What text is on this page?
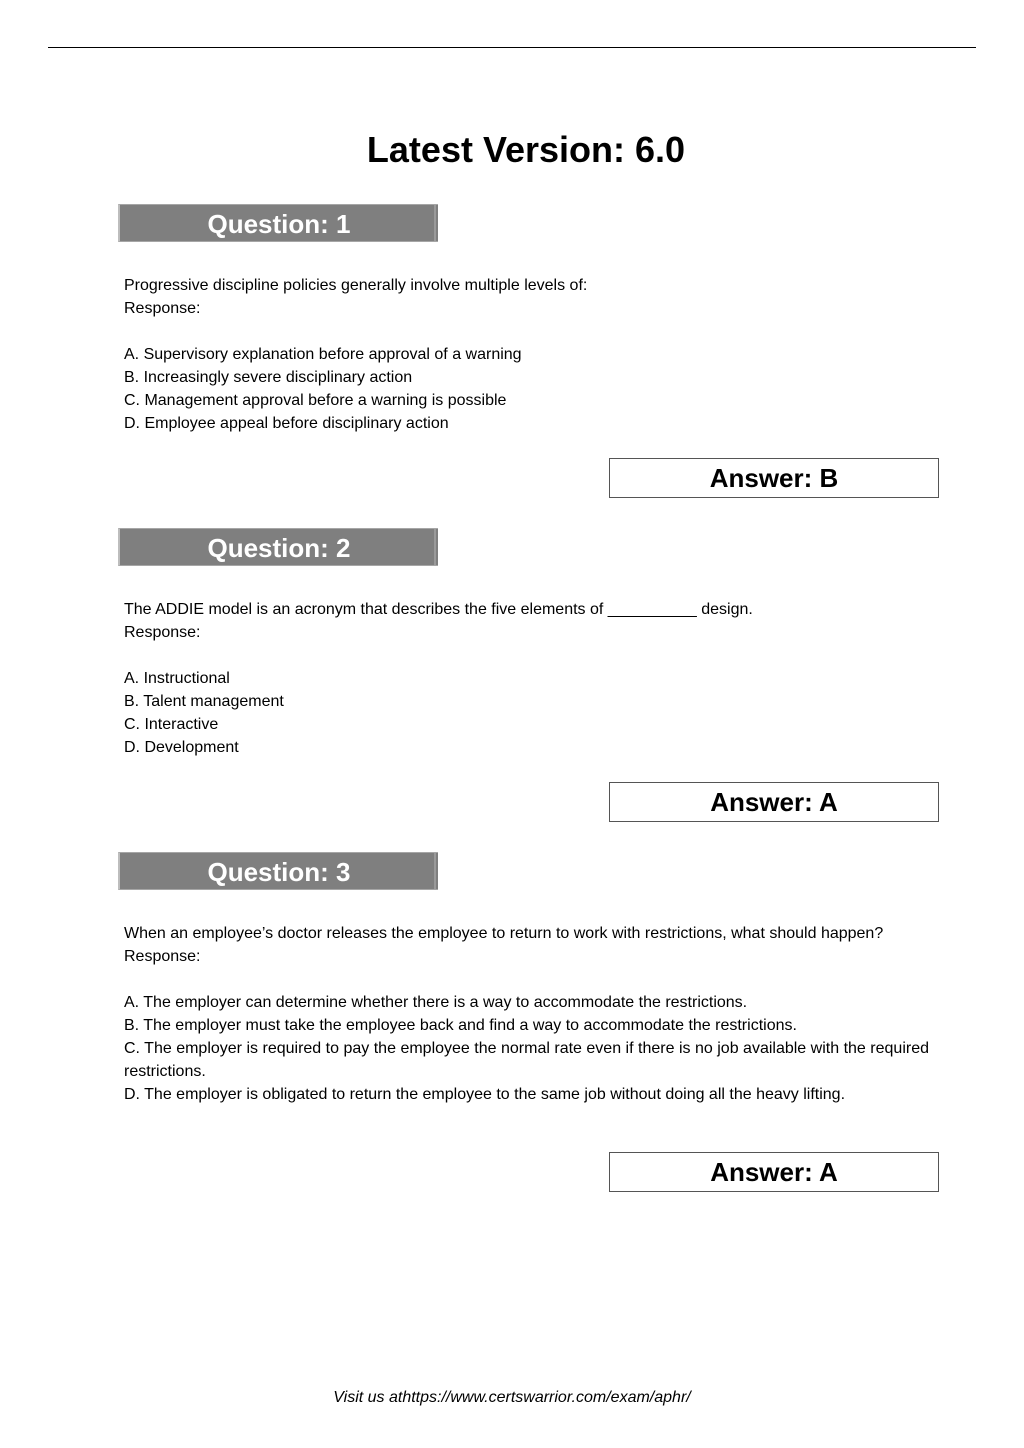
Latest Version: 6.0
Question: 1

Progressive discipline policies generally involve multiple levels of:

Response:

A. Supervisory explanation before approval of a warning

B. Increasingly severe disciplinary action

C. Management approval before a warning is possible

D. Employee appeal before disciplinary action

Answer: B
Question: 2

The ADDIE model is an acronym that describes the five elements of __________ design.

Response:

A. Instructional

B. Talent management

C. Interactive

D. Development

Answer: A
Question: 3

When an employee’s doctor releases the employee to return to work with restrictions, what should happen?

Response:

A. The employer can determine whether there is a way to accommodate the restrictions.

B. The employer must take the employee back and find a way to accommodate the restrictions.

C. The employer is required to pay the employee the normal rate even if there is no job available with the required restrictions.

D. The employer is obligated to return the employee to the same job without doing all the heavy lifting.

Answer: A
Visit us athttps://www.certswarrior.com/exam/aphr/
